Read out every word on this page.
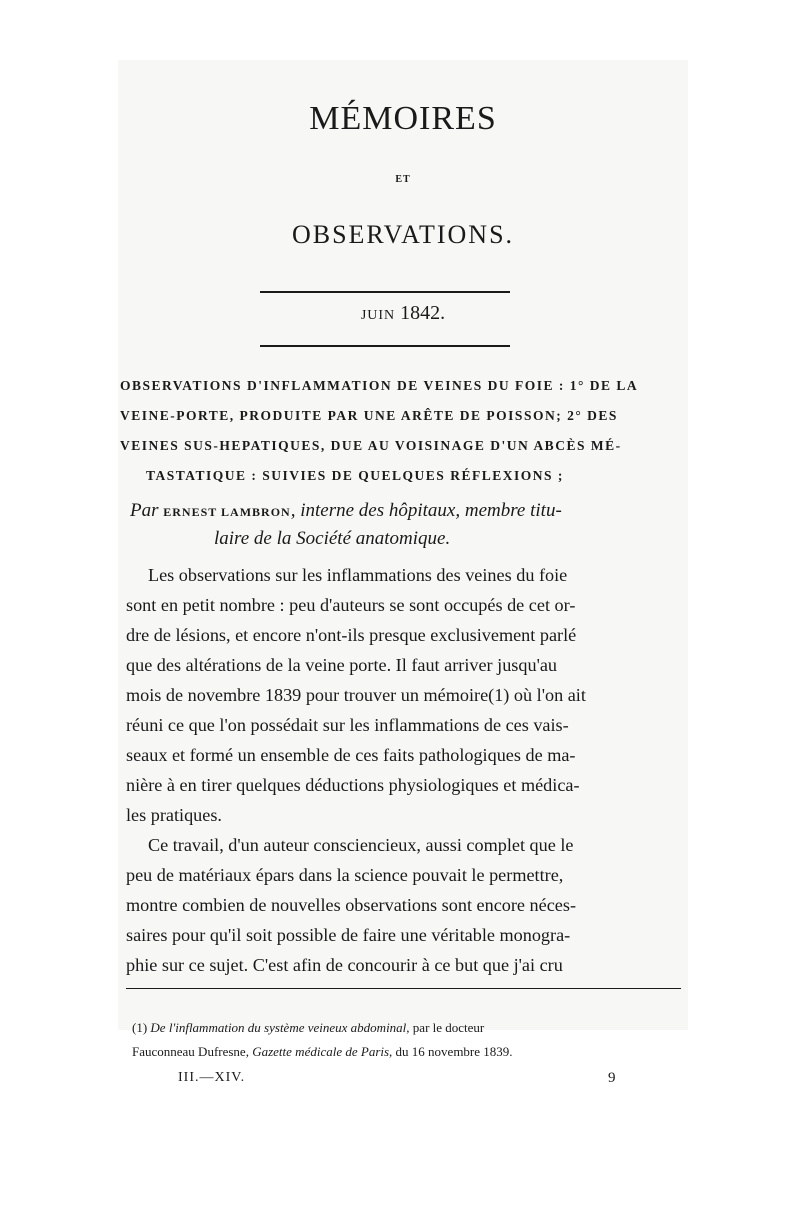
MÉMOIRES
ET
OBSERVATIONS.
JUIN 1842.
OBSERVATIONS D'INFLAMMATION DE VEINES DU FOIE : 1° DE LA
VEINE-PORTE, PRODUITE PAR UNE ARÊTE DE POISSON; 2° DES
VEINES SUS-HEPATIQUES, DUE AU VOISINAGE D'UN ABCÈS MÉ-
TASTATIQUE : SUIVIES DE QUELQUES RÉFLEXIONS ;
Par ERNEST LAMBRON, interne des hôpitaux, membre titu-
laire de la Société anatomique.
Les observations sur les inflammations des veines du foie
sont en petit nombre : peu d'auteurs se sont occupés de cet or-
dre de lésions, et encore n'ont-ils presque exclusivement parlé
que des altérations de la veine porte. Il faut arriver jusqu'au
mois de novembre 1839 pour trouver un mémoire(1) où l'on ait
réuni ce que l'on possédait sur les inflammations de ces vais-
seaux et formé un ensemble de ces faits pathologiques de ma-
nière à en tirer quelques déductions physiologiques et médica-
les pratiques.
Ce travail, d'un auteur consciencieux, aussi complet que le
peu de matériaux épars dans la science pouvait le permettre,
montre combien de nouvelles observations sont encore néces-
saires pour qu'il soit possible de faire une véritable monogra-
phie sur ce sujet. C'est afin de concourir à ce but que j'ai cru
(1) De l'inflammation du système veineux abdominal, par le docteur
Fauconneau Dufresne, Gazette médicale de Paris, du 16 novembre 1839.
III.—XIV.	9
